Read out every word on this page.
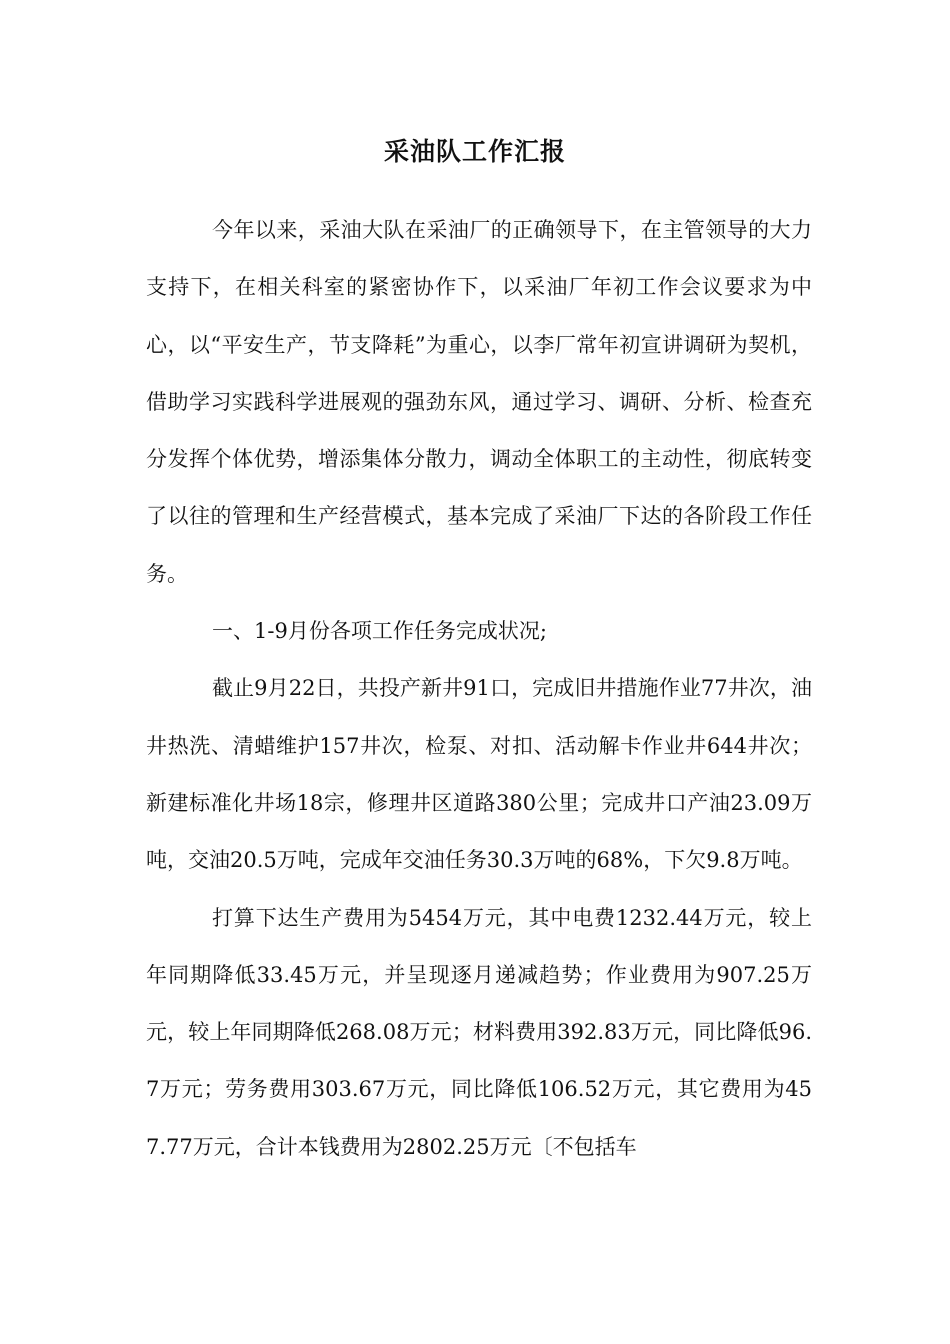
采油队工作汇报

今年以来，采油大队在采油厂的正确领导下，在主管领导的大力支持下，在相关科室的紧密协作下，以采油厂年初工作会议要求为中心，以“平安生产，节支降耗”为重心，以李厂常年初宣讲调研为契机，借助学习实践科学进展观的强劲东风，通过学习、调研、分析、检查充分发挥个体优势，增添集体分散力，调动全体职工的主动性，彻底转变了以往的管理和生产经营模式，基本完成了采油厂下达的各阶段工作任务。

一、1-9月份各项工作任务完成状况;

截止9月22日，共投产新井91口，完成旧井措施作业77井次，油井热洗、清蜡维护157井次，检泵、对扣、活动解卡作业井644井次；新建标准化井场18宗，修理井区道路380公里；完成井口产油23.09万吨，交油20.5万吨，完成年交油任务30.3万吨的68%，下欠9.8万吨。

打算下达生产费用为5454万元，其中电费1232.44万元，较上年同期降低33.45万元，并呈现逐月递减趋势；作业费用为907.25万元，较上年同期降低268.08万元；材料费用392.83万元，同比降低96.7万元；劳务费用303.67万元，同比降低106.52万元，其它费用为457.77万元，合计本钱费用为2802.25万元〔不包括车
